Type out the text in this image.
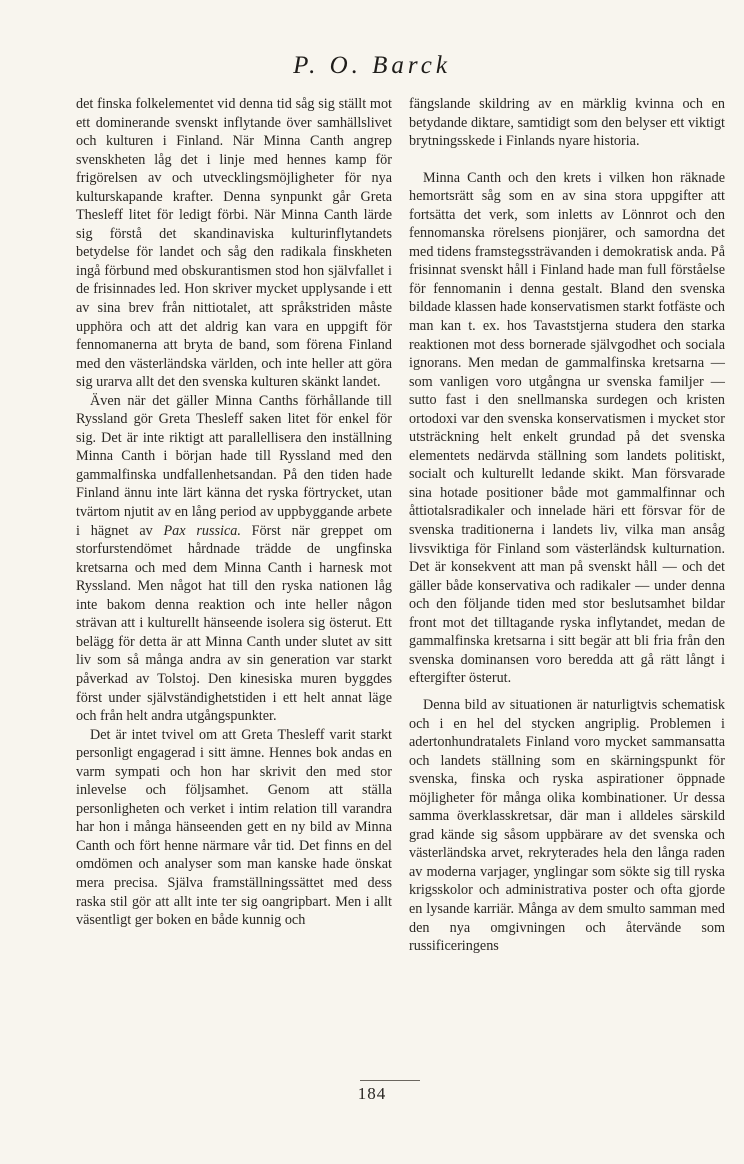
P. O. Barck

det finska folkelementet vid denna tid såg sig ställt mot ett dominerande svenskt inflytande över samhällslivet och kulturen i Finland. När Minna Canth angrep svenskheten låg det i linje med hennes kamp för frigörelsen av och utvecklingsmöjligheter för nya kulturskapande krafter. Denna synpunkt går Greta Thesleff litet för ledigt förbi. När Minna Canth lärde sig förstå det skandinaviska kulturinflytandets betydelse för landet och såg den radikala finskheten ingå förbund med obskurantismen stod hon självfallet i de frisinnades led. Hon skriver mycket upplysande i ett av sina brev från nittiotalet, att språkstriden måste upphöra och att det aldrig kan vara en uppgift för fennomanerna att bryta de band, som förena Finland med den västerländska världen, och inte heller att göra sig urarva allt det den svenska kulturen skänkt landet.

Även när det gäller Minna Canths förhållande till Ryssland gör Greta Thesleff saken litet för enkel för sig. Det är inte riktigt att parallellisera den inställning Minna Canth i början hade till Ryssland med den gammalfinska undfallenhetsandan. På den tiden hade Finland ännu inte lärt känna det ryska förtrycket, utan tvärtom njutit av en lång period av uppbyggande arbete i hägnet av Pax russica. Först när greppet om storfurstendömet hårdnade trädde de ungfinska kretsarna och med dem Minna Canth i harnesk mot Ryssland. Men något hat till den ryska nationen låg inte bakom denna reaktion och inte heller någon strävan att i kulturellt hänseende isolera sig österut. Ett belägg för detta är att Minna Canth under slutet av sitt liv som så många andra av sin generation var starkt påverkad av Tolstoj. Den kinesiska muren byggdes först under självständighetstiden i ett helt annat läge och från helt andra utgångspunkter.

Det är intet tvivel om att Greta Thesleff varit starkt personligt engagerad i sitt ämne. Hennes bok andas en varm sympati och hon har skrivit den med stor inlevelse och följsamhet. Genom att ställa personligheten och verket i intim relation till varandra har hon i många hänseenden gett en ny bild av Minna Canth och fört henne närmare vår tid. Det finns en del omdömen och analyser som man kanske hade önskat mera precisa. Själva framställningssättet med dess raska stil gör att allt inte ter sig oangripbart. Men i allt väsentligt ger boken en både kunnig och

fängslande skildring av en märklig kvinna och en betydande diktare, samtidigt som den belyser ett viktigt brytningsskede i Finlands nyare historia.

Minna Canth och den krets i vilken hon räknade hemortsrätt såg som en av sina stora uppgifter att fortsätta det verk, som inletts av Lönnrot och den fennomanska rörelsens pionjärer, och samordna det med tidens framstegssträvanden i demokratisk anda. På frisinnat svenskt håll i Finland hade man full förståelse för fennomanin i denna gestalt. Bland den svenska bildade klassen hade konservatismen starkt fotfäste och man kan t. ex. hos Tavaststjerna studera den starka reaktionen mot dess bornerade självgodhet och sociala ignorans. Men medan de gammalfinska kretsarna — som vanligen voro utgångna ur svenska familjer — sutto fast i den snellmanska surdegen och kristen ortodoxi var den svenska konservatismen i mycket stor utsträckning helt enkelt grundad på det svenska elementets nedärvda ställning som landets politiskt, socialt och kulturellt ledande skikt. Man försvarade sina hotade positioner både mot gammalfinnar och åttiotalsradikaler och innelade häri ett försvar för de svenska traditionerna i landets liv, vilka man ansåg livsviktiga för Finland som västerländsk kulturnation. Det är konsekvent att man på svenskt håll — och det gäller både konservativa och radikaler — under denna och den följande tiden med stor beslutsamhet bildar front mot det tilltagande ryska inflytandet, medan de gammalfinska kretsarna i sitt begär att bli fria från den svenska dominansen voro beredda att gå rätt långt i eftergifter österut.

Denna bild av situationen är naturligtvis schematisk och i en hel del stycken angriplig. Problemen i adertonhundratalets Finland voro mycket sammansatta och landets ställning som en skärningspunkt för svenska, finska och ryska aspirationer öppnade möjligheter för många olika kombinationer. Ur dessa samma överklasskretsar, där man i alldeles särskild grad kände sig såsom uppbärare av det svenska och västerländska arvet, rekryterades hela den långa raden av moderna varjager, ynglingar som sökte sig till ryska krigsskolor och administrativa poster och ofta gjorde en lysande karriär. Många av dem smulto samman med den nya omgivningen och återvände som russificeringens

184
